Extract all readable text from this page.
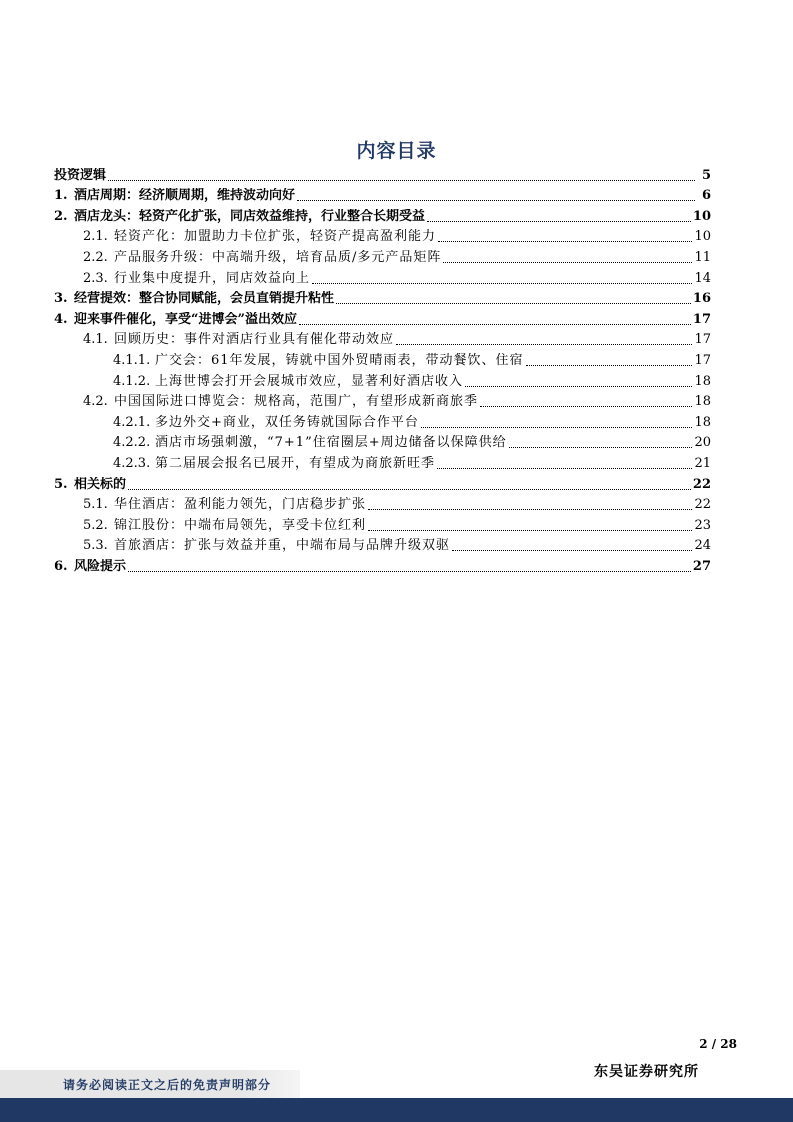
内容目录
投资逻辑	5
1. 酒店周期：经济顺周期，维持波动向好	6
2. 酒店龙头：轻资产化扩张，同店效益维持，行业整合长期受益	10
2.1. 轻资产化：加盟助力卡位扩张，轻资产提高盈利能力	10
2.2. 产品服务升级：中高端升级，培育品质/多元产品矩阵	11
2.3. 行业集中度提升，同店效益向上	14
3. 经营提效：整合协同赋能，会员直销提升粘性	16
4. 迎来事件催化，享受“进博会”溢出效应	17
4.1. 回顾历史：事件对酒店行业具有催化带动效应	17
4.1.1. 广交会：61年发展，铸就中国外贸晴雨表，带动餐饮、住宿	17
4.1.2. 上海世博会打开会展城市效应，显著利好酒店收入	18
4.2. 中国国际进口博览会：规格高，范围广，有望形成新商旅季	18
4.2.1. 多边外交+商业，双任务铸就国际合作平台	18
4.2.2. 酒店市场强刺激，“7+1”住宿圈层+周边储备以保障供给	20
4.2.3. 第二届展会报名已展开，有望成为商旅新旺季	21
5. 相关标的	22
5.1. 华住酒店：盈利能力领先，门店稳步扩张	22
5.2. 锦江股份：中端布局领先，享受卡位红利	23
5.3. 首旅酒店：扩张与效益并重，中端布局与品牌升级双驱	24
6. 风险提示	27
2 / 28
东吴证券研究所
请务必阅读正文之后的免责声明部分
